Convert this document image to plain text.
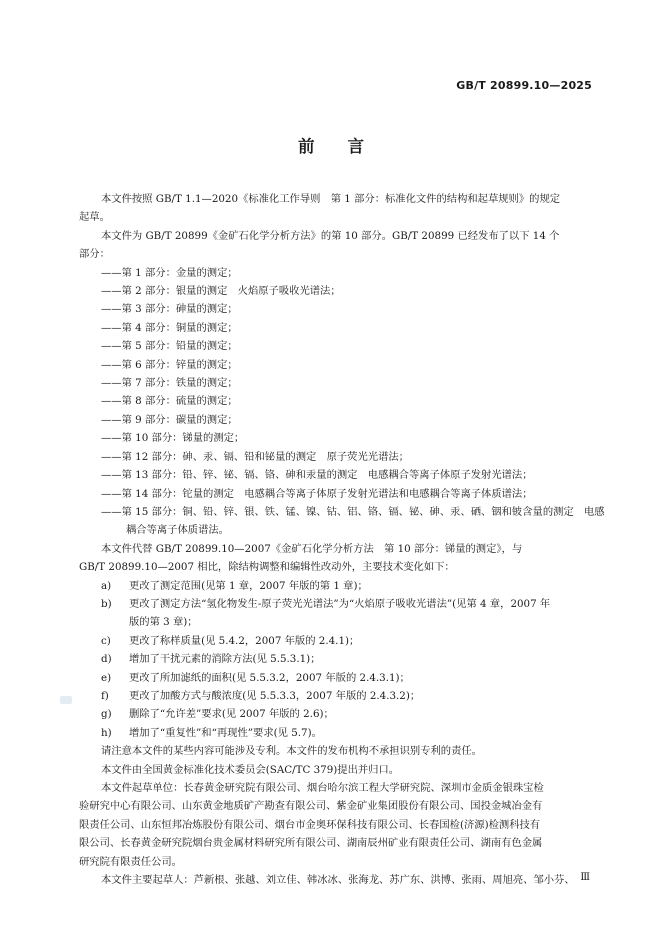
GB/T 20899.10—2025
前　　言

本文件按照 GB/T 1.1—2020《标准化工作导则　第 1 部分：标准化文件的结构和起草规则》的规定

起草。

本文件为 GB/T 20899《金矿石化学分析方法》的第 10 部分。GB/T 20899 已经发布了以下 14 个

部分：

——第 1 部分：金量的测定；

——第 2 部分：银量的测定　火焰原子吸收光谱法；

——第 3 部分：砷量的测定；

——第 4 部分：铜量的测定；

——第 5 部分：铅量的测定；

——第 6 部分：锌量的测定；

——第 7 部分：铁量的测定；

——第 8 部分：硫量的测定；

——第 9 部分：碳量的测定；

——第 10 部分：锑量的测定；

——第 12 部分：砷、汞、镉、铅和铋量的测定　原子荧光光谱法；

——第 13 部分：铅、锌、铋、镉、铬、砷和汞量的测定　电感耦合等离子体原子发射光谱法；

——第 14 部分：铊量的测定　电感耦合等离子体原子发射光谱法和电感耦合等离子体质谱法；

——第 15 部分：铜、铅、锌、银、铁、锰、镍、钴、铝、铬、镉、铋、砷、汞、硒、铟和铍含量的测定　电感

耦合等离子体质谱法。

本文件代替 GB/T 20899.10—2007《金矿石化学分析方法　第 10 部分：锑量的测定》，与

GB/T 20899.10—2007 相比，除结构调整和编辑性改动外，主要技术变化如下：

a) 更改了测定范围(见第 1 章，2007 年版的第 1 章)；

b) 更改了测定方法“氢化物发生-原子荧光光谱法”为“火焰原子吸收光谱法”(见第 4 章，2007 年

版的第 3 章)；

c) 更改了称样质量(见 5.4.2，2007 年版的 2.4.1)；

d) 增加了干扰元素的消除方法(见 5.5.3.1)；

e) 更改了所加滤纸的面积(见 5.5.3.2，2007 年版的 2.4.3.1)；

f) 更改了加酸方式与酸浓度(见 5.5.3.3，2007 年版的 2.4.3.2)；

g) 删除了“允许差”要求(见 2007 年版的 2.6)；

h) 增加了“重复性”和“再现性”要求(见 5.7)。

请注意本文件的某些内容可能涉及专利。本文件的发布机构不承担识别专利的责任。

本文件由全国黄金标准化技术委员会(SAC/TC 379)提出并归口。

本文件起草单位：长春黄金研究院有限公司、烟台哈尔滨工程大学研究院、深圳市金质金银珠宝检

验研究中心有限公司、山东黄金地质矿产勘查有限公司、紫金矿业集团股份有限公司、国投金城冶金有

限责任公司、山东恒邦冶炼股份有限公司、烟台市金奥环保科技有限公司、长春国检(济源)检测科技有

限公司、长春黄金研究院烟台贵金属材料研究所有限公司、湖南辰州矿业有限责任公司、湖南有色金属

研究院有限责任公司。

本文件主要起草人：芦新根、张越、刘立佳、韩冰冰、张海龙、苏广东、洪博、张雨、周旭亮、邹小芬、 Ⅲ
